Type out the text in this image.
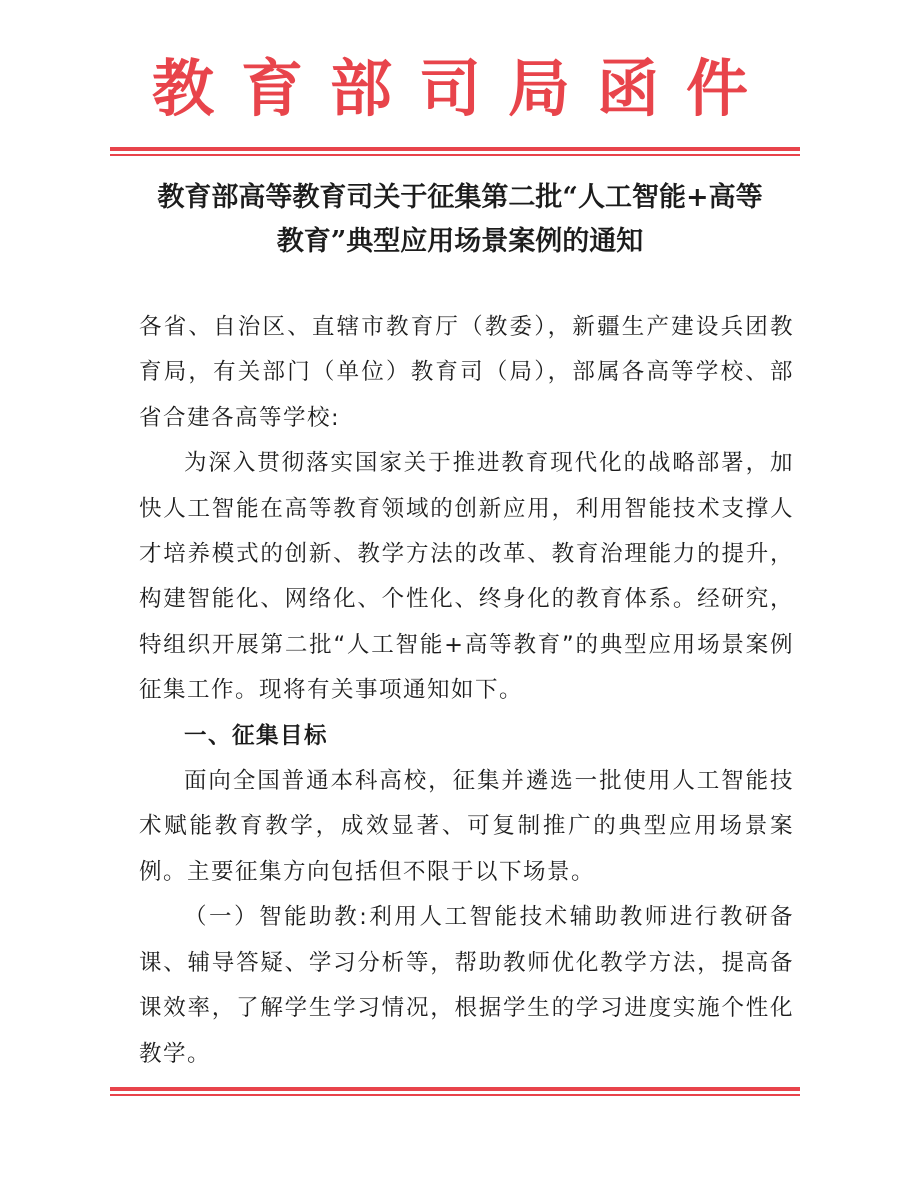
教育部司局函件
教育部高等教育司关于征集第二批“人工智能+高等
教育”典型应用场景案例的通知

各省、自治区、直辖市教育厅（教委），新疆生产建设兵团教育局，有关部门（单位）教育司（局），部属各高等学校、部省合建各高等学校:

为深入贯彻落实国家关于推进教育现代化的战略部署，加快人工智能在高等教育领域的创新应用，利用智能技术支撑人才培养模式的创新、教学方法的改革、教育治理能力的提升，构建智能化、网络化、个性化、终身化的教育体系。经研究，特组织开展第二批“人工智能+高等教育”的典型应用场景案例征集工作。现将有关事项通知如下。

一、征集目标

面向全国普通本科高校，征集并遴选一批使用人工智能技术赋能教育教学，成效显著、可复制推广的典型应用场景案例。主要征集方向包括但不限于以下场景。

（一）智能助教:利用人工智能技术辅助教师进行教研备课、辅导答疑、学习分析等，帮助教师优化教学方法，提高备课效率，了解学生学习情况，根据学生的学习进度实施个性化教学。
